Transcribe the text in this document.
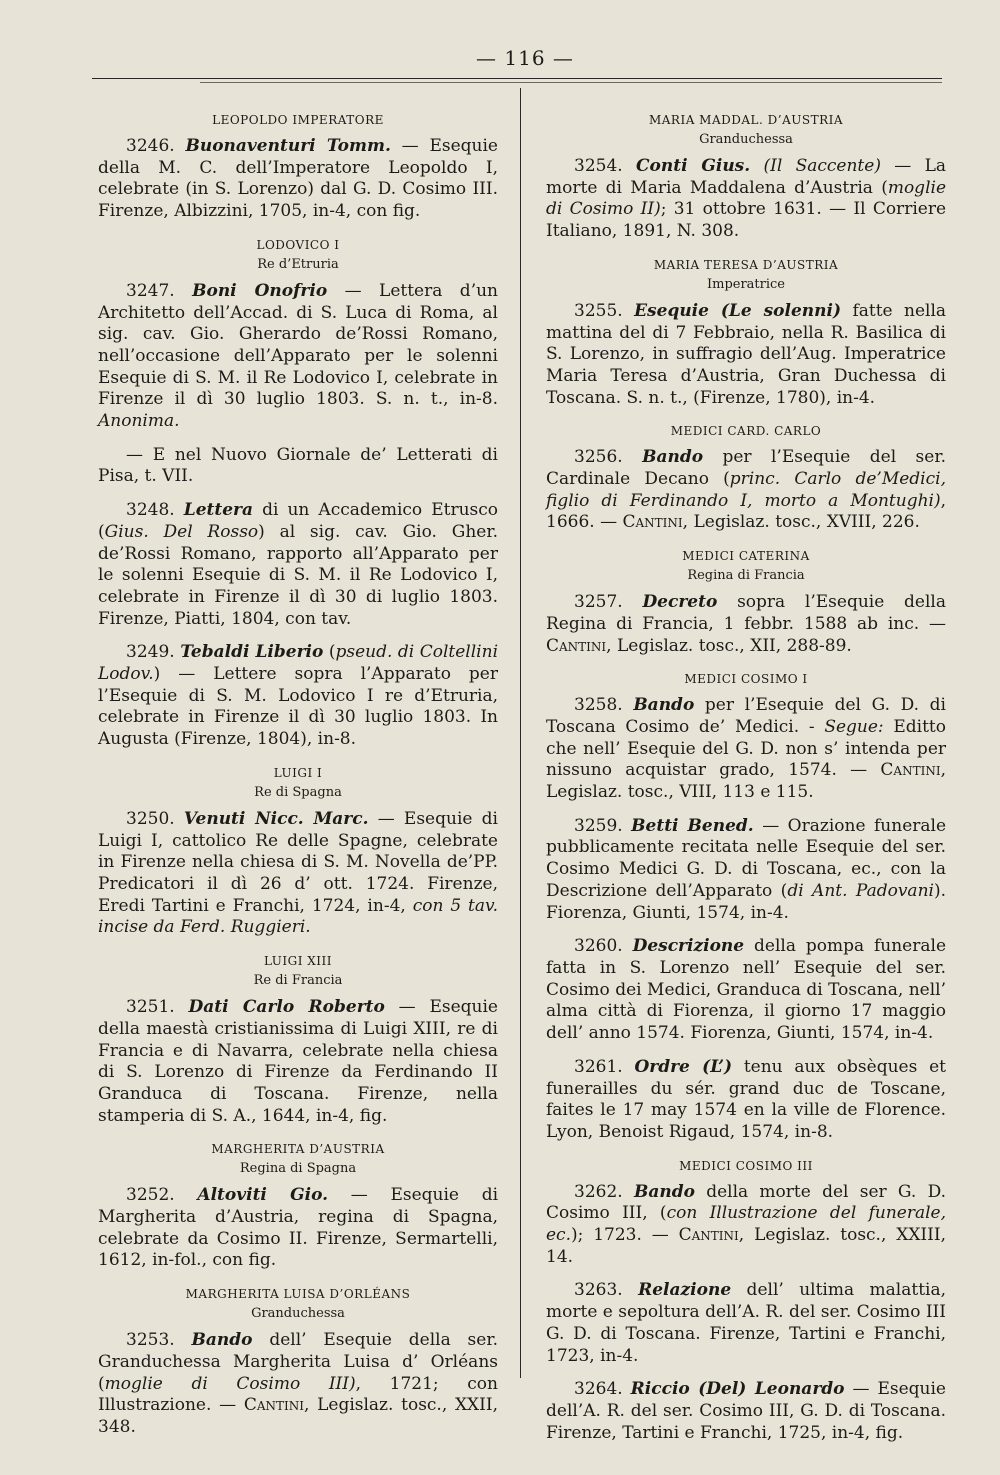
— 116 —
LEOPOLDO IMPERATORE
3246. Buonaventuri Tomm. — Esequie della M. C. dell’Imperatore Leopoldo I, celebrate (in S. Lorenzo) dal G. D. Cosimo III. Firenze, Albizzini, 1705, in-4, con fig.
LODOVICO I
Re d’Etruria
3247. Boni Onofrio — Lettera d’un Architetto dell’Accad. di S. Luca di Roma, al sig. cav. Gio. Gherardo de’Rossi Romano, nell’occasione dell’Apparato per le solenni Esequie di S. M. il Re Lodovico I, celebrate in Firenze il dì 30 luglio 1803. S. n. t., in-8. Anonima.
— E nel Nuovo Giornale de’ Letterati di Pisa, t. VII.
3248. Lettera di un Accademico Etrusco (Gius. Del Rosso) al sig. cav. Gio. Gher. de’Rossi Romano, rapporto all’Apparato per le solenni Esequie di S. M. il Re Lodovico I, celebrate in Firenze il dì 30 di luglio 1803. Firenze, Piatti, 1804, con tav.
3249. Tebaldi Liberio (pseud. di Coltellini Lodov.) — Lettere sopra l’Apparato per l’Esequie di S. M. Lodovico I re d’Etruria, celebrate in Firenze il dì 30 luglio 1803. In Augusta (Firenze, 1804), in-8.
LUIGI I
Re di Spagna
3250. Venuti Nicc. Marc. — Esequie di Luigi I, cattolico Re delle Spagne, celebrate in Firenze nella chiesa di S. M. Novella de’PP. Predicatori il dì 26 d’ ott. 1724. Firenze, Eredi Tartini e Franchi, 1724, in-4, con 5 tav. incise da Ferd. Ruggieri.
LUIGI XIII
Re di Francia
3251. Dati Carlo Roberto — Esequie della maestà cristianissima di Luigi XIII, re di Francia e di Navarra, celebrate nella chiesa di S. Lorenzo di Firenze da Ferdinando II Granduca di Toscana. Firenze, nella stamperia di S. A., 1644, in-4, fig.
MARGHERITA D’AUSTRIA
Regina di Spagna
3252. Altoviti Gio. — Esequie di Margherita d’Austria, regina di Spagna, celebrate da Cosimo II. Firenze, Sermartelli, 1612, in-fol., con fig.
MARGHERITA LUISA D’ORLÉANS
Granduchessa
3253. Bando dell’ Esequie della ser. Granduchessa Margherita Luisa d’ Orléans (moglie di Cosimo III), 1721; con Illustrazione. — Cantini, Legislaz. tosc., XXII, 348.
MARIA MADDAL. D’AUSTRIA
Granduchessa
3254. Conti Gius. (Il Saccente) — La morte di Maria Maddalena d’Austria (moglie di Cosimo II); 31 ottobre 1631. — Il Corriere Italiano, 1891, N. 308.
MARIA TERESA D’AUSTRIA
Imperatrice
3255. Esequie (Le solenni) fatte nella mattina del di 7 Febbraio, nella R. Basilica di S. Lorenzo, in suffragio dell’Aug. Imperatrice Maria Teresa d’Austria, Gran Duchessa di Toscana. S. n. t., (Firenze, 1780), in-4.
MEDICI CARD. CARLO
3256. Bando per l’Esequie del ser. Cardinale Decano (princ. Carlo de’Medici, figlio di Ferdinando I, morto a Montughi), 1666. — Cantini, Legislaz. tosc., XVIII, 226.
MEDICI CATERINA
Regina di Francia
3257. Decreto sopra l’Esequie della Regina di Francia, 1 febbr. 1588 ab inc. — Cantini, Legislaz. tosc., XII, 288-89.
MEDICI COSIMO I
3258. Bando per l’Esequie del G. D. di Toscana Cosimo de’ Medici. - Segue: Editto che nell’ Esequie del G. D. non s’ intenda per nissuno acquistar grado, 1574. — Cantini, Legislaz. tosc., VIII, 113 e 115.
3259. Betti Bened. — Orazione funerale pubblicamente recitata nelle Esequie del ser. Cosimo Medici G. D. di Toscana, ec., con la Descrizione dell’Apparato (di Ant. Padovani). Fiorenza, Giunti, 1574, in-4.
3260. Descrizione della pompa funerale fatta in S. Lorenzo nell’ Esequie del ser. Cosimo dei Medici, Granduca di Toscana, nell’ alma città di Fiorenza, il giorno 17 maggio dell’ anno 1574. Fiorenza, Giunti, 1574, in-4.
3261. Ordre (L’) tenu aux obsèques et funerailles du sér. grand duc de Toscane, faites le 17 may 1574 en la ville de Florence. Lyon, Benoist Rigaud, 1574, in-8.
MEDICI COSIMO III
3262. Bando della morte del ser G. D. Cosimo III, (con Illustrazione del funerale, ec.); 1723. — Cantini, Legislaz. tosc., XXIII, 14.
3263. Relazione dell’ ultima malattia, morte e sepoltura dell’A. R. del ser. Cosimo III G. D. di Toscana. Firenze, Tartini e Franchi, 1723, in-4.
3264. Riccio (Del) Leonardo — Esequie dell’A. R. del ser. Cosimo III, G. D. di Toscana. Firenze, Tartini e Franchi, 1725, in-4, fig.
